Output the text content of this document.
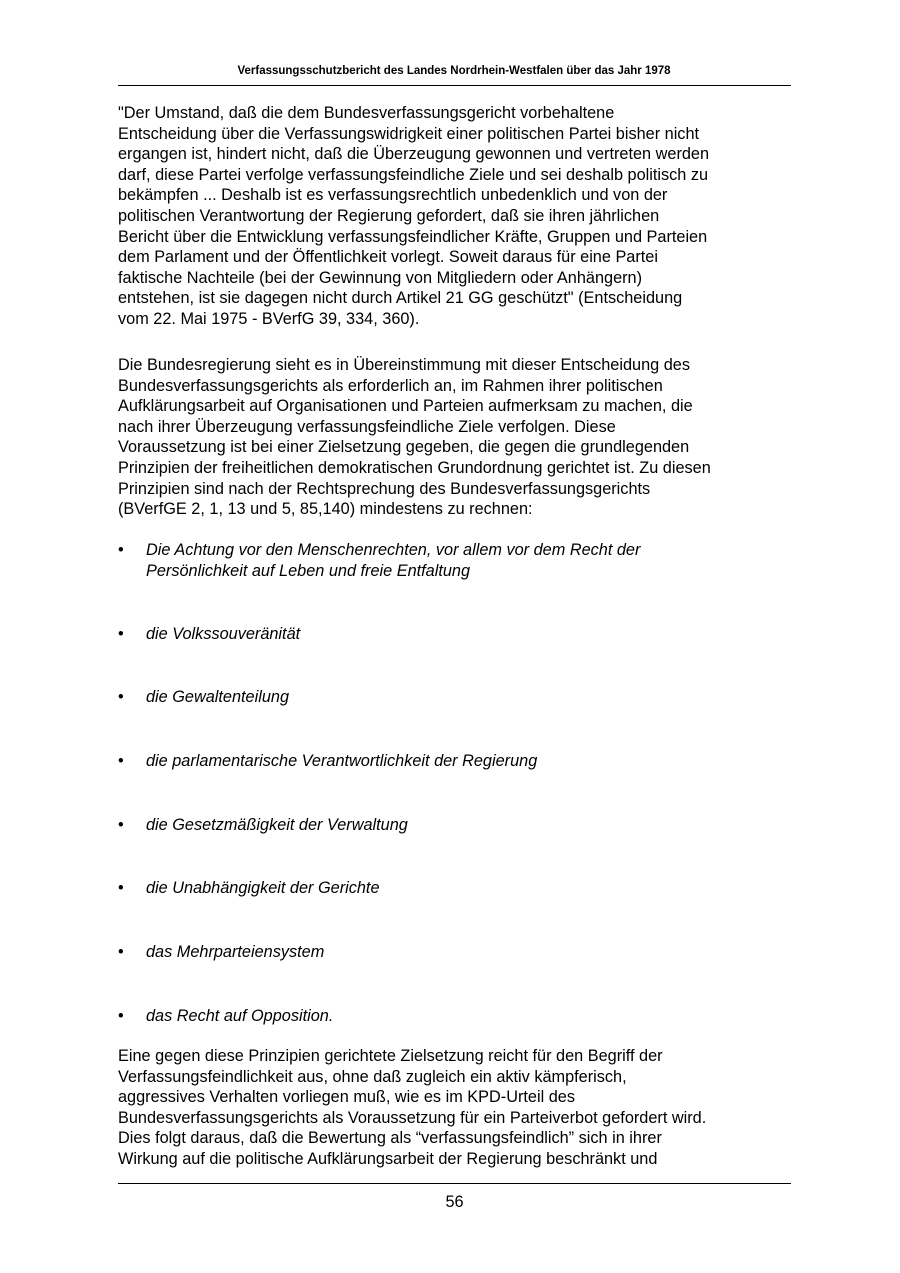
Verfassungsschutzbericht des Landes Nordrhein-Westfalen über das Jahr 1978

"Der Umstand, daß die dem Bundesverfassungsgericht vorbehaltene
Entscheidung über die Verfassungswidrigkeit einer politischen Partei bisher nicht
ergangen ist, hindert nicht, daß die Überzeugung gewonnen und vertreten werden
darf, diese Partei verfolge verfassungsfeindliche Ziele und sei deshalb politisch zu
bekämpfen ... Deshalb ist es verfassungsrechtlich unbedenklich und von der
politischen Verantwortung der Regierung gefordert, daß sie ihren jährlichen
Bericht über die Entwicklung verfassungsfeindlicher Kräfte, Gruppen und Parteien
dem Parlament und der Öffentlichkeit vorlegt. Soweit daraus für eine Partei
faktische Nachteile (bei der Gewinnung von Mitgliedern oder Anhängern)
entstehen, ist sie dagegen nicht durch Artikel 21 GG geschützt" (Entscheidung
vom 22. Mai 1975 - BVerfG 39, 334, 360).

Die Bundesregierung sieht es in Übereinstimmung mit dieser Entscheidung des
Bundesverfassungsgerichts als erforderlich an, im Rahmen ihrer politischen
Aufklärungsarbeit auf Organisationen und Parteien aufmerksam zu machen, die
nach ihrer Überzeugung verfassungsfeindliche Ziele verfolgen. Diese
Voraussetzung ist bei einer Zielsetzung gegeben, die gegen die grundlegenden
Prinzipien der freiheitlichen demokratischen Grundordnung gerichtet ist. Zu diesen
Prinzipien sind nach der Rechtsprechung des Bundesverfassungsgerichts
(BVerfGE 2, 1, 13 und 5, 85,140) mindestens zu rechnen:

•	Die Achtung vor den Menschenrechten, vor allem vor dem Recht der
Persönlichkeit auf Leben und freie Entfaltung
•	die Volkssouveränität
•	die Gewaltenteilung
•	die parlamentarische Verantwortlichkeit der Regierung
•	die Gesetzmäßigkeit der Verwaltung
•	die Unabhängigkeit der Gerichte
•	das Mehrparteiensystem
•	das Recht auf Opposition.

Eine gegen diese Prinzipien gerichtete Zielsetzung reicht für den Begriff der
Verfassungsfeindlichkeit aus, ohne daß zugleich ein aktiv kämpferisch,
aggressives Verhalten vorliegen muß, wie es im KPD-Urteil des
Bundesverfassungsgerichts als Voraussetzung für ein Parteiverbot gefordert wird.
Dies folgt daraus, daß die Bewertung als “verfassungsfeindlich” sich in ihrer
Wirkung auf die politische Aufklärungsarbeit der Regierung beschränkt und

56
